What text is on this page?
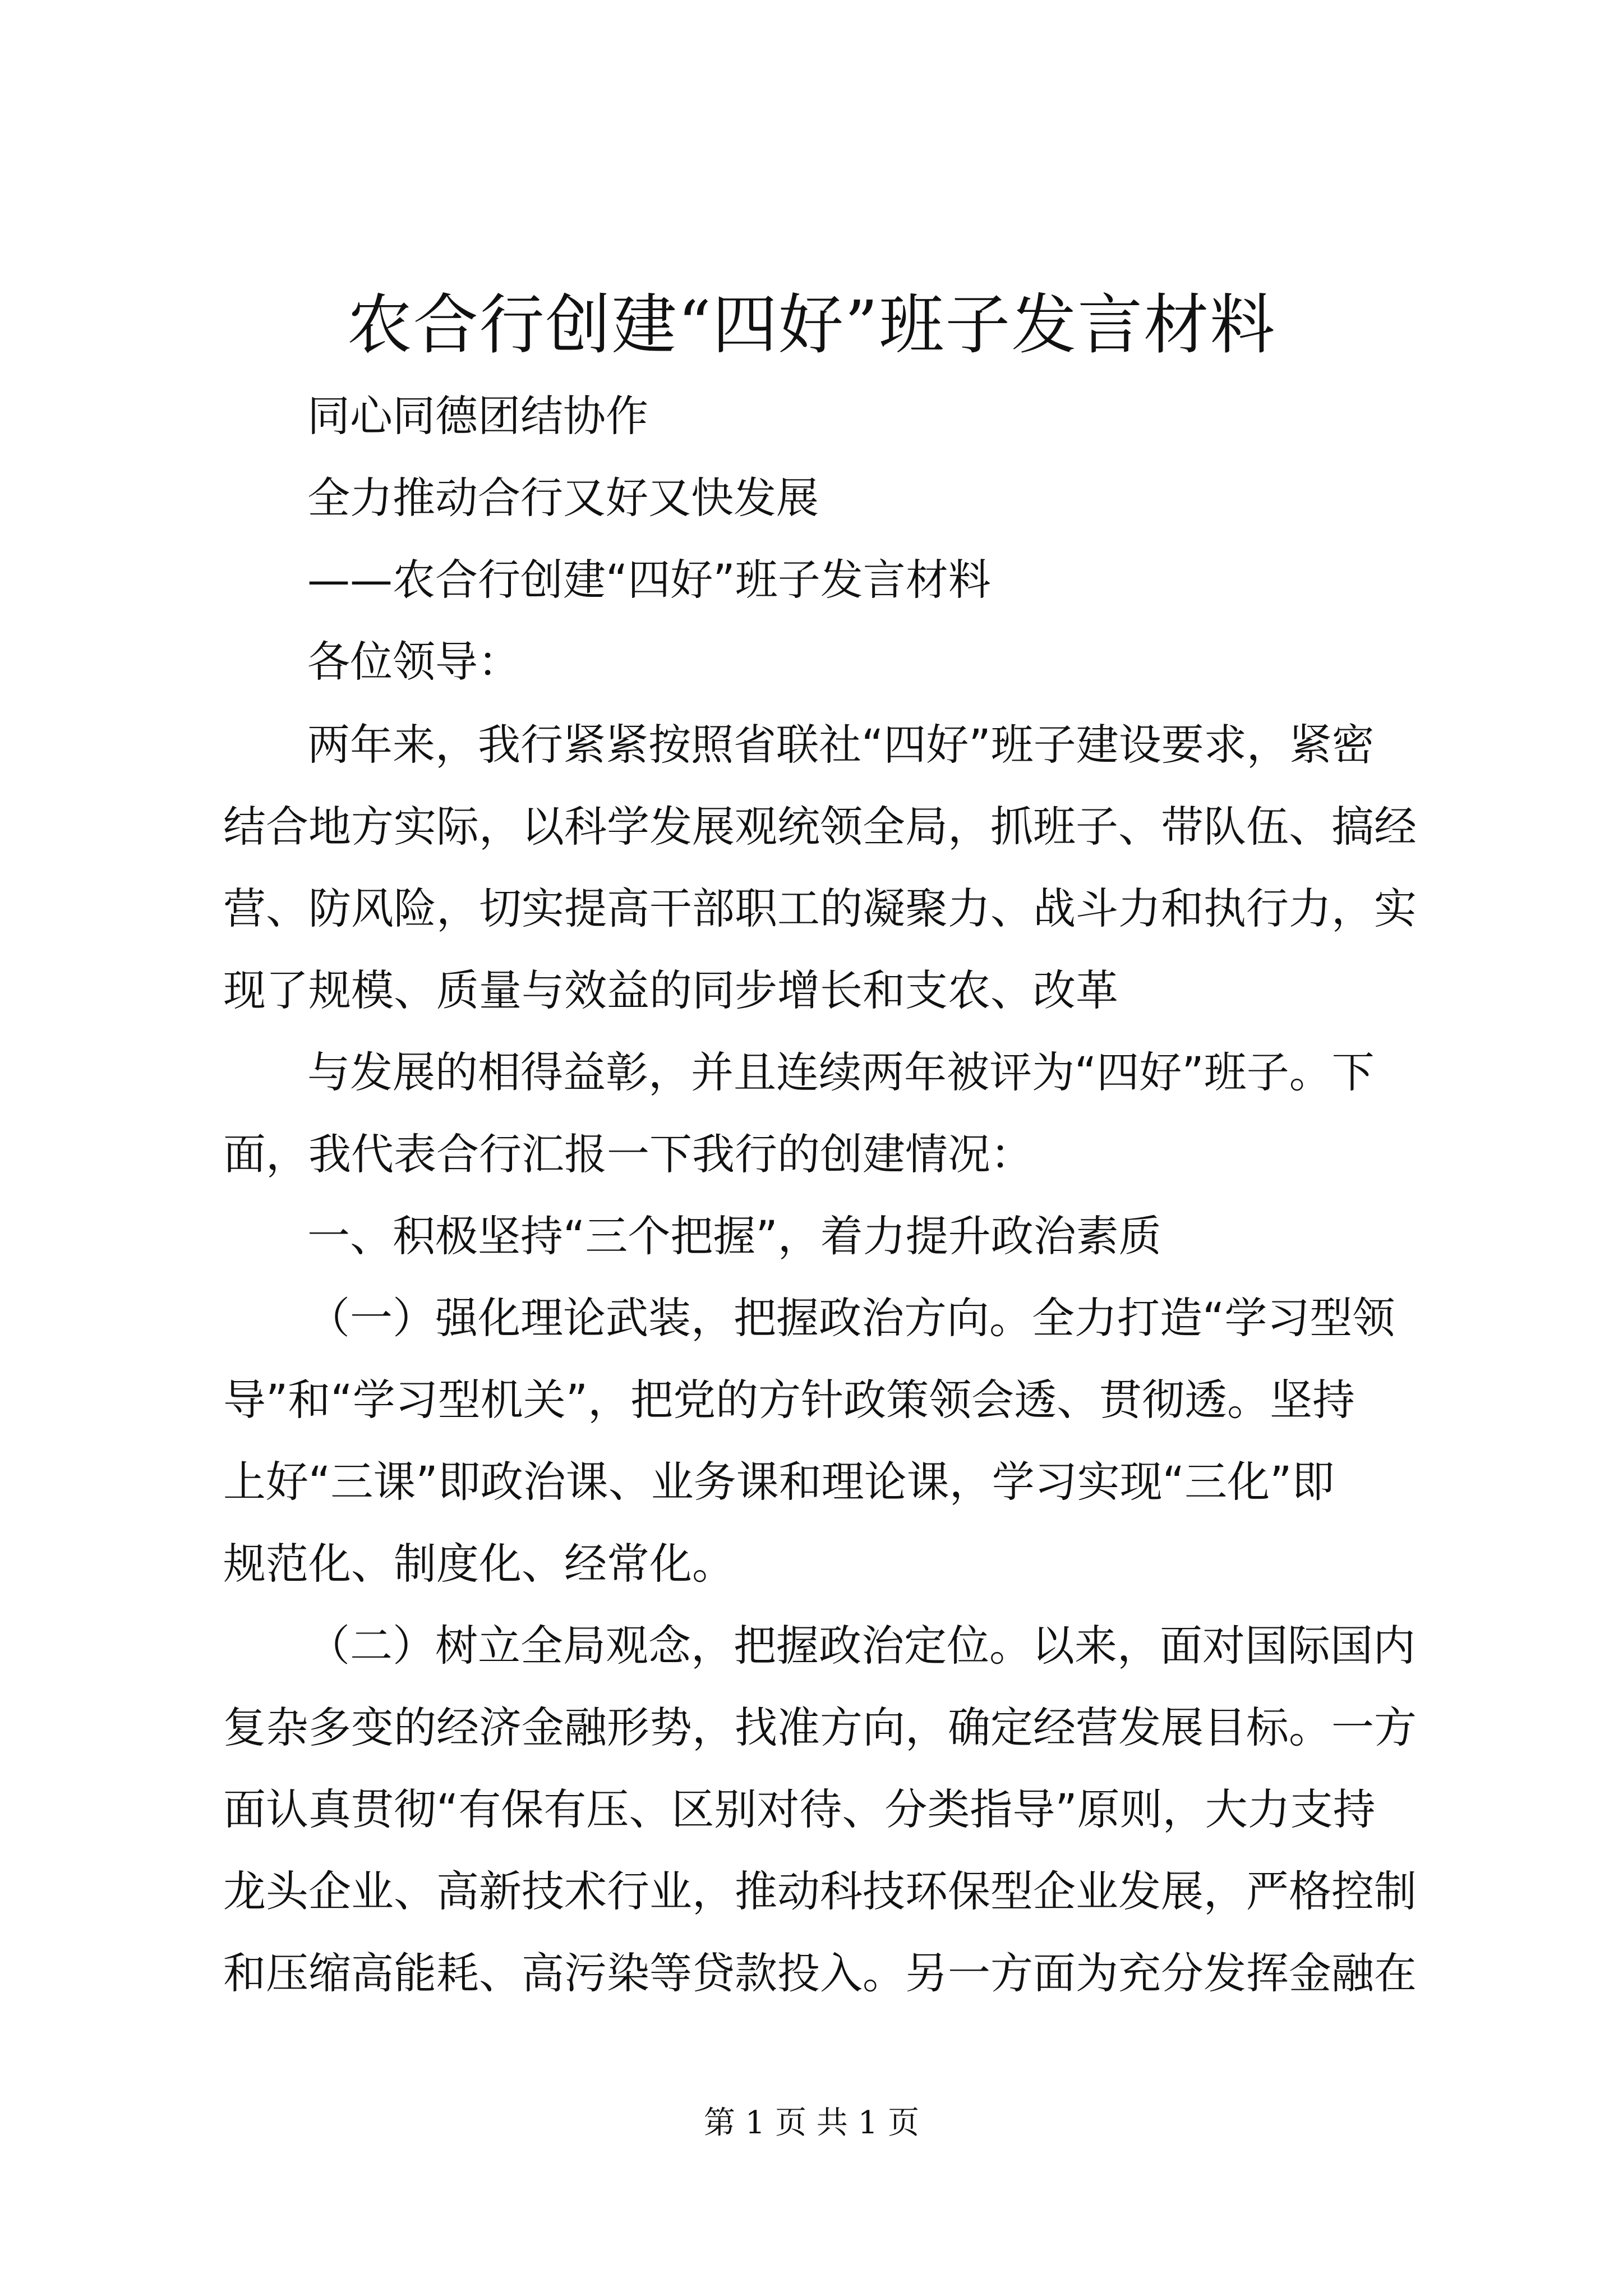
农合行创建“四好”班子发言材料
同心同德团结协作
全力推动合行又好又快发展
——农合行创建“四好”班子发言材料
各位领导：
两年来，我行紧紧按照省联社“四好”班子建设要求，紧密
结合地方实际，以科学发展观统领全局，抓班子、带队伍、搞经
营、防风险，切实提高干部职工的凝聚力、战斗力和执行力，实
现了规模、质量与效益的同步增长和支农、改革
与发展的相得益彰，并且连续两年被评为“四好”班子。下
面，我代表合行汇报一下我行的创建情况：
一、积极坚持“三个把握”，着力提升政治素质
（一）强化理论武装，把握政治方向。全力打造“学习型领
导”和“学习型机关”，把党的方针政策领会透、贯彻透。坚持
上好“三课”即政治课、业务课和理论课，学习实现“三化”即
规范化、制度化、经常化。
（二）树立全局观念，把握政治定位。以来，面对国际国内
复杂多变的经济金融形势，找准方向，确定经营发展目标。一方
面认真贯彻“有保有压、区别对待、分类指导”原则，大力支持
龙头企业、高新技术行业，推动科技环保型企业发展，严格控制
和压缩高能耗、高污染等贷款投入。另一方面为充分发挥金融在
第 1 页 共 1 页
